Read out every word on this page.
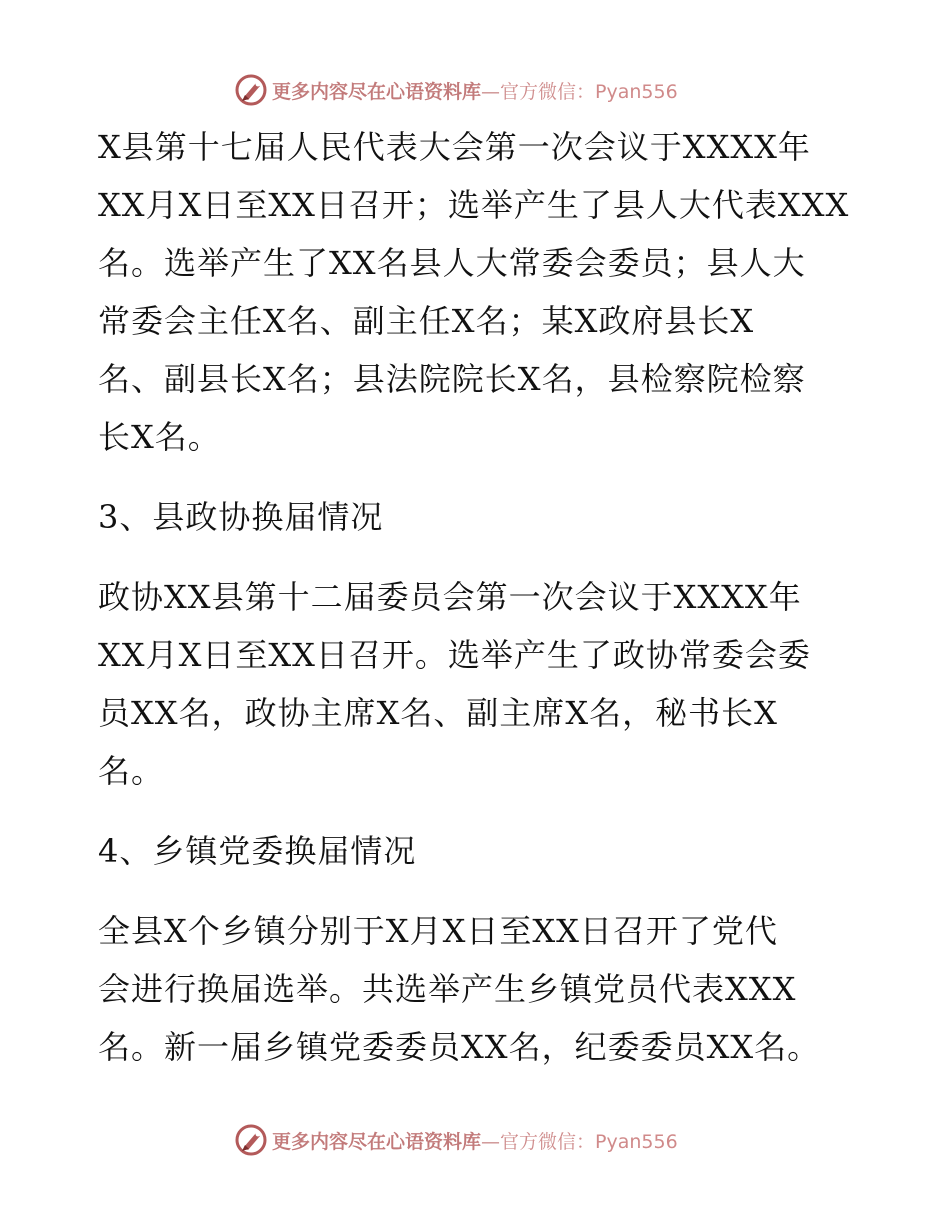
更多内容尽在心语资料库—官方微信：Pyan556

X县第十七届人民代表大会第一次会议于XXXX年
XX月X日至XX日召开；选举产生了县人大代表XXX
名。选举产生了XX名县人大常委会委员；县人大
常委会主任X名、副主任X名；某X政府县长X
名、副县长X名；县法院院长X名，县检察院检察
长X名。

3、县政协换届情况

政协XX县第十二届委员会第一次会议于XXXX年
XX月X日至XX日召开。选举产生了政协常委会委
员XX名，政协主席X名、副主席X名，秘书长X
名。

4、乡镇党委换届情况

全县X个乡镇分别于X月X日至XX日召开了党代
会进行换届选举。共选举产生乡镇党员代表XXX
名。新一届乡镇党委委员XX名，纪委委员XX名。

更多内容尽在心语资料库—官方微信：Pyan556
